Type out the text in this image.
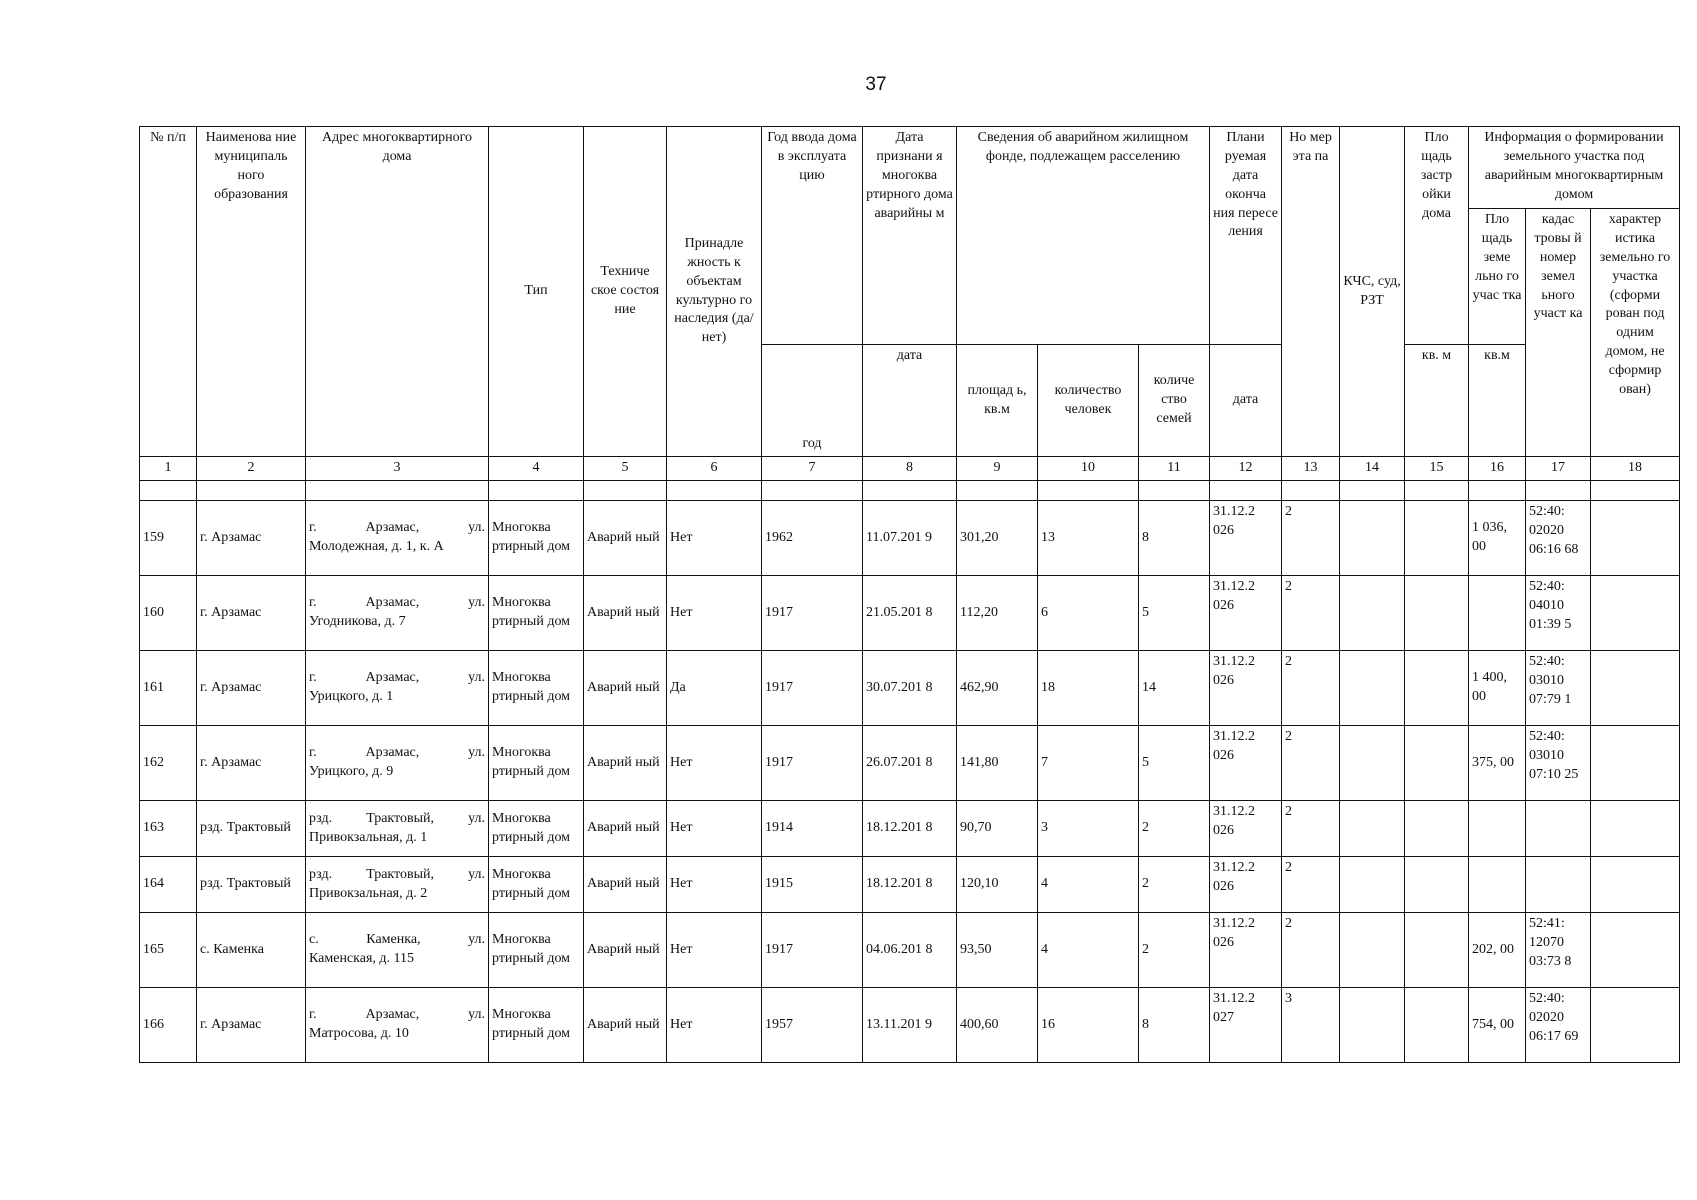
37
№ п/п	Наименова ние муниципаль ного образования	Адрес многоквартирного дома	Тип	Техниче ское состоя ние	Принадле жность к объектам культурно го наследия (да/нет)	Год ввода дома в эксплуата цию	Дата признани я многоква ртирного дома аварийны м	Сведения об аварийном жилищном фонде, подлежащем расселению			Плани руемая дата оконча ния пересе ления	Но мер эта па	КЧС, суд, РЗТ	Пло щадь застр ойки дома	Информация о формировании земельного участка под аварийным многоквартирным домом		
															Пло щадь земе льно го учас тка	кадас тровы й номер земел ьного участ ка	характер истика земельно го участка (сформи рован под одним домом, не сформир ован)
						год	дата	площад ь, кв.м	количество человек	количе ство семей	дата			кв. м	кв.м		
1	2	3	4	5	6	7	8	9	10	11	12	13	14	15	16	17	18

159	г. Арзамас	г. Арзамас, ул.
Молодежная, д. 1, к. А	Многоква ртирный дом	Аварий ный	Нет	1962	11.07.201 9	301,20	13	8	31.12.2 026	2			1 036, 00	52:40: 02020 06:16 68	
160	г. Арзамас	г. Арзамас, ул.
Угодникова, д. 7	Многоква ртирный дом	Аварий ный	Нет	1917	21.05.201 8	112,20	6	5	31.12.2 026	2				52:40: 04010 01:39 5	
161	г. Арзамас	г. Арзамас, ул.
Урицкого, д. 1	Многоква ртирный дом	Аварий ный	Да	1917	30.07.201 8	462,90	18	14	31.12.2 026	2			1 400, 00	52:40: 03010 07:79 1	
162	г. Арзамас	г. Арзамас, ул.
Урицкого, д. 9	Многоква ртирный дом	Аварий ный	Нет	1917	26.07.201 8	141,80	7	5	31.12.2 026	2			375, 00	52:40: 03010 07:10 25	
163	рзд. Трактовый	рзд. Трактовый, ул.
Привокзальная, д. 1	Многоква ртирный дом	Аварий ный	Нет	1914	18.12.201 8	90,70	3	2	31.12.2 026	2					
164	рзд. Трактовый	рзд. Трактовый, ул.
Привокзальная, д. 2	Многоква ртирный дом	Аварий ный	Нет	1915	18.12.201 8	120,10	4	2	31.12.2 026	2					
165	с. Каменка	с. Каменка, ул.
Каменская, д. 115	Многоква ртирный дом	Аварий ный	Нет	1917	04.06.201 8	93,50	4	2	31.12.2 026	2			202, 00	52:41: 12070 03:73 8	
166	г. Арзамас	г. Арзамас, ул.
Матросова, д. 10	Многоква ртирный дом	Аварий ный	Нет	1957	13.11.201 9	400,60	16	8	31.12.2 027	3			754, 00	52:40: 02020 06:17 69	
